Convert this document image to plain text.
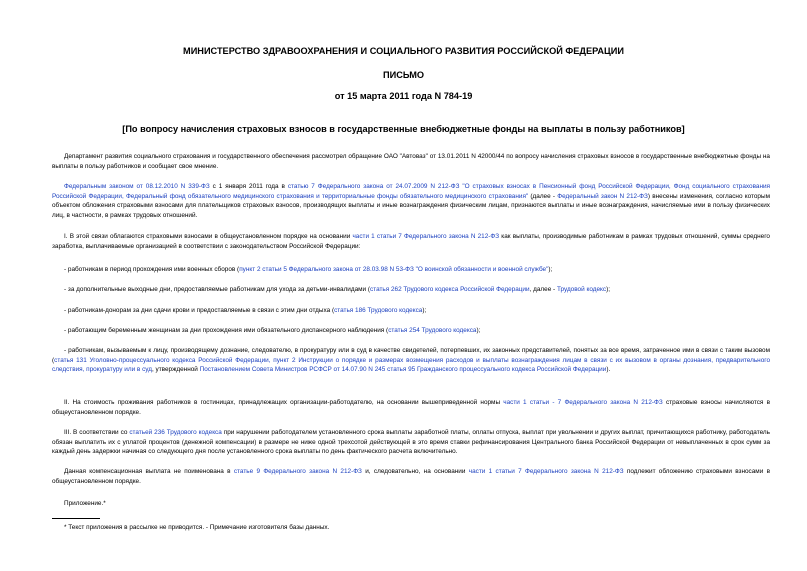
МИНИСТЕРСТВО ЗДРАВООХРАНЕНИЯ И СОЦИАЛЬНОГО РАЗВИТИЯ РОССИЙСКОЙ ФЕДЕРАЦИИ
ПИСЬМО
от 15 марта 2011 года N 784-19
[По вопросу начисления страховых взносов в государственные внебюджетные фонды на выплаты в пользу работников]

Департамент развития социального страхования и государственного обеспечения рассмотрел обращение ОАО "Автоваз" от 13.01.2011 N 42000/44 по вопросу начисления страховых взносов в государственные внебюджетные фонды на выплаты в пользу работников и сообщает свое мнение.

Федеральным законом от 08.12.2010 N 339-ФЗ с 1 января 2011 года в статью 7 Федерального закона от 24.07.2009 N 212-ФЗ "О страховых взносах в Пенсионный фонд Российской Федерации, Фонд социального страхования Российской Федерации, Федеральный фонд обязательного медицинского страхования и территориальные фонды обязательного медицинского страхования" (далее - Федеральный закон N 212-ФЗ) внесены изменения, согласно которым объектом обложения страховыми взносами для плательщиков страховых взносов, производящих выплаты и иные вознаграждения физическим лицам, признаются выплаты и иные вознаграждения, начисляемые ими в пользу физических лиц, в частности, в рамках трудовых отношений.

I. В этой связи облагаются страховыми взносами в общеустановленном порядке на основании части 1 статьи 7 Федерального закона N 212-ФЗ как выплаты, производимые работникам в рамках трудовых отношений, суммы среднего заработка, выплачиваемые организацией в соответствии с законодательством Российской Федерации:

- работникам в период прохождения ими военных сборов (пункт 2 статьи 5 Федерального закона от 28.03.98 N 53-ФЗ "О воинской обязанности и военной службе");

- за дополнительные выходные дни, предоставляемые работникам для ухода за детьми-инвалидами (статья 262 Трудового кодекса Российской Федерации, далее - Трудовой кодекс);

- работникам-донорам за дни сдачи крови и предоставляемые в связи с этим дни отдыха (статья 186 Трудового кодекса);

- работающим беременным женщинам за дни прохождения ими обязательного диспансерного наблюдения (статья 254 Трудового кодекса);

- работникам, вызываемым к лицу, производящему дознание, следователю, в прокуратуру или в суд в качестве свидетелей, потерпевших, их законных представителей, понятых за все время, затраченное ими в связи с таким вызовом (статья 131 Уголовно-процессуального кодекса Российской Федерации, пункт 2 Инструкции о порядке и размерах возмещения расходов и выплаты вознаграждения лицам в связи с их вызовом в органы дознания, предварительного следствия, прокуратуру или в суд, утвержденной Постановлением Совета Министров РСФСР от 14.07.90 N 245 статья 95 Гражданского процессуального кодекса Российской Федерации).

II. На стоимость проживания работников в гостиницах, принадлежащих организации-работодателю, на основании вышеприведенной нормы части 1 статьи - 7 Федерального закона N 212-ФЗ страховые взносы начисляются в общеустановленном порядке.

III. В соответствии со статьей 236 Трудового кодекса при нарушении работодателем установленного срока выплаты заработной платы, оплаты отпуска, выплат при увольнении и других выплат, причитающихся работнику, работодатель обязан выплатить их с уплатой процентов (денежной компенсации) в размере не ниже одной трехсотой действующей в это время ставки рефинансирования Центрального банка Российской Федерации от невыплаченных в срок сумм за каждый день задержки начиная со следующего дня после установленного срока выплаты по день фактического расчета включительно.

Данная компенсационная выплата не поименована в статье 9 Федерального закона N 212-ФЗ и, следовательно, на основании части 1 статьи 7 Федерального закона N 212-ФЗ подлежит обложению страховыми взносами в общеустановленном порядке.

Приложение.*

* Текст приложения в рассылке не приводится. - Примечание изготовителя базы данных.
